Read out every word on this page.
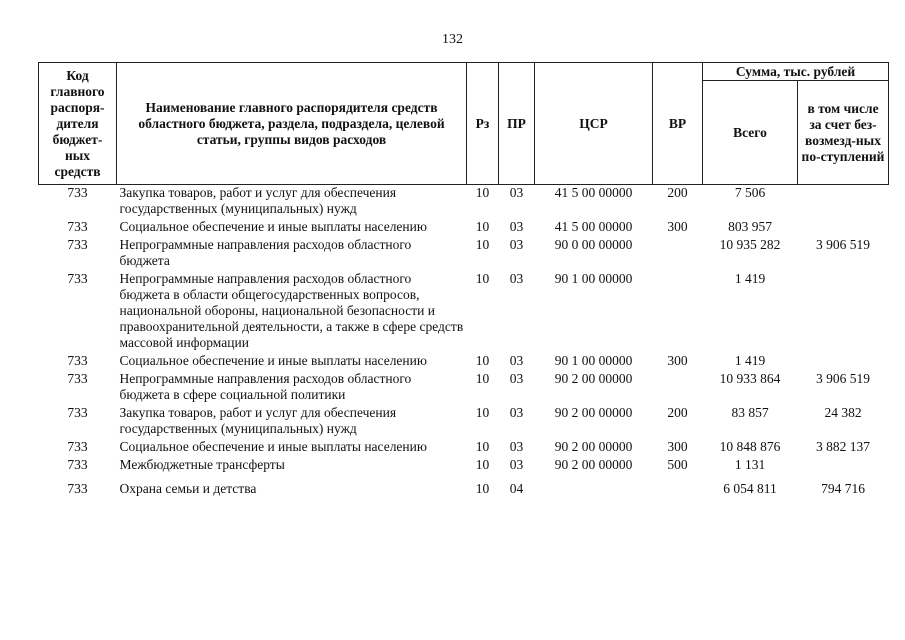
132
Код главного распоря-дителя бюджет-ных средств	Наименование главного распорядителя средств областного бюджета, раздела, подраздела, целевой статьи, группы видов расходов	Рз	ПР	ЦСР	ВР	Сумма, тыс. рублей	
						Всего	в том числе за счет без-возмезд-ных по-ступлений
733	Закупка товаров, работ и услуг для обеспечения государственных (муниципальных) нужд	10	03	41 5 00 00000	200	7 506	
733	Социальное обеспечение и иные выплаты населению	10	03	41 5 00 00000	300	803 957	
733	Непрограммные направления расходов областного бюджета	10	03	90 0 00 00000		10 935 282	3 906 519
733	Непрограммные направления расходов областного бюджета в области общегосударственных вопросов, национальной обороны, национальной безопасности и правоохранительной деятельности, а также в сфере средств массовой информации	10	03	90 1 00 00000		1 419	
733	Социальное обеспечение и иные выплаты населению	10	03	90 1 00 00000	300	1 419	
733	Непрограммные направления расходов областного бюджета в сфере социальной политики	10	03	90 2 00 00000		10 933 864	3 906 519
733	Закупка товаров, работ и услуг для обеспечения государственных (муниципальных) нужд	10	03	90 2 00 00000	200	83 857	24 382
733	Социальное обеспечение и иные выплаты населению	10	03	90 2 00 00000	300	10 848 876	3 882 137
733	Межбюджетные трансферты	10	03	90 2 00 00000	500	1 131	
733	Охрана семьи и детства	10	04			6 054 811	794 716
